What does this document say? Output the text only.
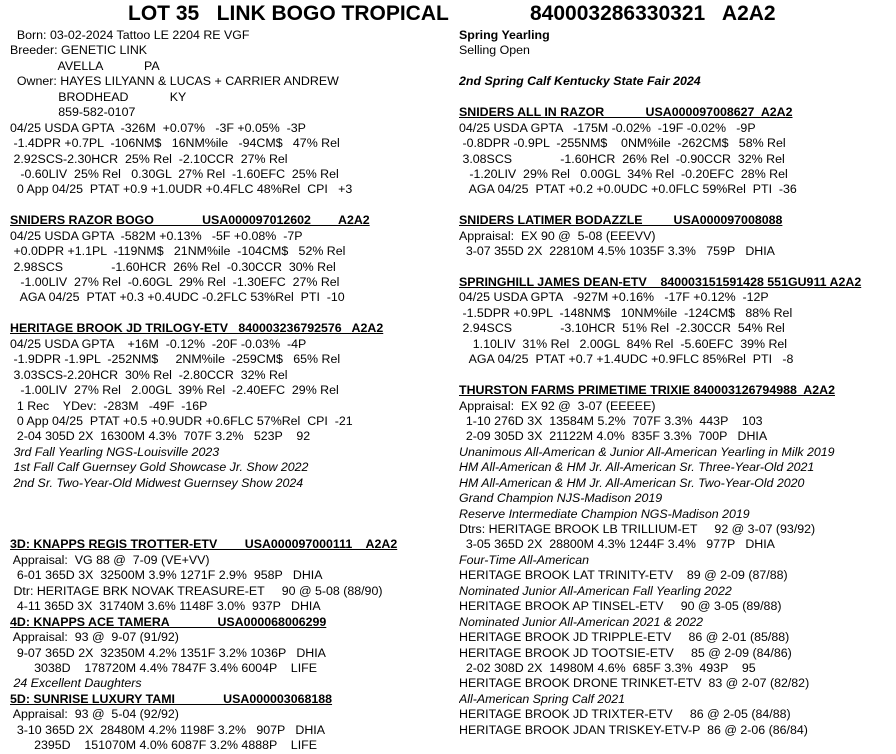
LOT 35   LINK BOGO TROPICAL	840003286330321   A2A2
Born: 03-02-2024 Tattoo LE 2204 RE VGF
Breeder: GENETIC LINK
AVELLA            PA
Owner: HAYES LILYANN & LUCAS + CARRIER ANDREW
BRODHEAD            KY
859-582-0107
04/25 USDA GPTA  -326M  +0.07%   -3F +0.05%  -3P
-1.4DPR +0.7PL  -106NM$   16NM%ile   -94CM$   47% Rel
2.92SCS-2.30HCR  25% Rel  -2.10CCR  27% Rel
-0.60LIV  25% Rel   0.30GL  27% Rel  -1.60EFC  25% Rel
0 App 04/25  PTAT +0.9 +1.0UDR +0.4FLC 48%Rel  CPI   +3
SNIDERS RAZOR BOGO              USA000097012602        A2A2
04/25 USDA GPTA  -582M +0.13%   -5F +0.08%  -7P
+0.0DPR +1.1PL  -119NM$   21NM%ile  -104CM$   52% Rel
2.98SCS              -1.60HCR  26% Rel  -0.30CCR  30% Rel
-1.00LIV  27% Rel  -0.60GL  29% Rel  -1.30EFC  27% Rel
AGA 04/25  PTAT +0.3 +0.4UDC -0.2FLC 53%Rel  PTI  -10
HERITAGE BROOK JD TRILOGY-ETV   840003236792576   A2A2
04/25 USDA GPTA    +16M  -0.12%  -20F -0.03%  -4P
-1.9DPR -1.9PL  -252NM$     2NM%ile  -259CM$   65% Rel
3.03SCS-2.20HCR  30% Rel  -2.80CCR  32% Rel
-1.00LIV  27% Rel   2.00GL  39% Rel  -2.40EFC  29% Rel
1 Rec    YDev:  -283M   -49F  -16P
0 App 04/25  PTAT +0.5 +0.9UDR +0.6FLC 57%Rel  CPI  -21
2-04 305D 2X  16300M 4.3%  707F 3.2%   523P    92
3rd Fall Yearling NGS-Louisville 2023
1st Fall Calf Guernsey Gold Showcase Jr. Show 2022
2nd Sr. Two-Year-Old Midwest Guernsey Show 2024
3D: KNAPPS REGIS TROTTER-ETV        USA000097000111    A2A2
Appraisal:  VG 88 @  7-09 (VE+VV)
6-01 365D 3X  32500M 3.9% 1271F 2.9%  958P   DHIA
Dtr: HERITAGE BRK NOVAK TREASURE-ET     90 @ 5-08 (88/90)
4-11 365D 3X  31740M 3.6% 1148F 3.0%  937P   DHIA
4D: KNAPPS ACE TAMERA              USA000068006299
Appraisal:  93 @  9-07 (91/92)
9-07 365D 2X  32350M 4.2% 1351F 3.2% 1036P   DHIA
3038D    178720M 4.4% 7847F 3.4% 6004P    LIFE
24 Excellent Daughters
5D: SUNRISE LUXURY TAMI              USA000003068188
Appraisal:  93 @  5-04 (92/92)
3-10 365D 2X  28480M 4.2% 1198F 3.2%   907P   DHIA
2395D    151070M 4.0% 6087F 3.2% 4888P    LIFE
Spring Yearling
Selling Open
2nd Spring Calf Kentucky State Fair 2024
SNIDERS ALL IN RAZOR            USA000097008627  A2A2
04/25 USDA GPTA   -175M -0.02%  -19F -0.02%   -9P
-0.8DPR -0.9PL  -255NM$    0NM%ile  -262CM$   58% Rel
3.08SCS              -1.60HCR  26% Rel  -0.90CCR  32% Rel
-1.20LIV  29% Rel   0.00GL  34% Rel  -0.20EFC  28% Rel
AGA 04/25  PTAT +0.2 +0.0UDC +0.0FLC 59%Rel  PTI  -36
SNIDERS LATIMER BODAZZLE         USA000097008088
Appraisal:  EX 90 @  5-08 (EEEVV)
3-07 355D 2X  22810M 4.5% 1035F 3.3%   759P   DHIA
SPRINGHILL JAMES DEAN-ETV    840003151591428 551GU911 A2A2
04/25 USDA GPTA   -927M +0.16%   -17F +0.12%  -12P
-1.5DPR +0.9PL  -148NM$   10NM%ile  -124CM$   88% Rel
2.94SCS              -3.10HCR  51% Rel  -2.30CCR  54% Rel
1.10LIV  31% Rel   2.00GL  84% Rel  -5.60EFC  39% Rel
AGA 04/25  PTAT +0.7 +1.4UDC +0.9FLC 85%Rel  PTI   -8
THURSTON FARMS PRIMETIME TRIXIE 840003126794988  A2A2
Appraisal:  EX 92 @  3-07 (EEEEE)
1-10 276D 3X  13584M 5.2%  707F 3.3%  443P    103
2-09 305D 3X  21122M 4.0%  835F 3.3%  700P   DHIA
Unanimous All-American & Junior All-American Yearling in Milk 2019
HM All-American & HM Jr. All-American Sr. Three-Year-Old 2021
HM All-American & HM Jr. All-American Sr. Two-Year-Old 2020
Grand Champion NJS-Madison 2019
Reserve Intermediate Champion NGS-Madison 2019
Dtrs: HERITAGE BROOK LB TRILLIUM-ET     92 @ 3-07 (93/92)
3-05 365D 2X  28800M 4.3% 1244F 3.4%   977P   DHIA
Four-Time All-American
HERITAGE BROOK LAT TRINITY-ETV    89 @ 2-09 (87/88)
Nominated Junior All-American Fall Yearling 2022
HERITAGE BROOK AP TINSEL-ETV     90 @ 3-05 (89/88)
Nominated Junior All-American 2021 & 2022
HERITAGE BROOK JD TRIPPLE-ETV     86 @ 2-01 (85/88)
HERITAGE BROOK JD TOOTSIE-ETV     85 @ 2-09 (84/86)
2-02 308D 2X  14980M 4.6%  685F 3.3%  493P    95
HERITAGE BROOK DRONE TRINKET-ETV  83 @ 2-07 (82/82)
All-American Spring Calf 2021
HERITAGE BROOK JD TRIXTER-ETV     86 @ 2-05 (84/88)
HERITAGE BROOK JDAN TRISKEY-ETV-P  86 @ 2-06 (86/84)
